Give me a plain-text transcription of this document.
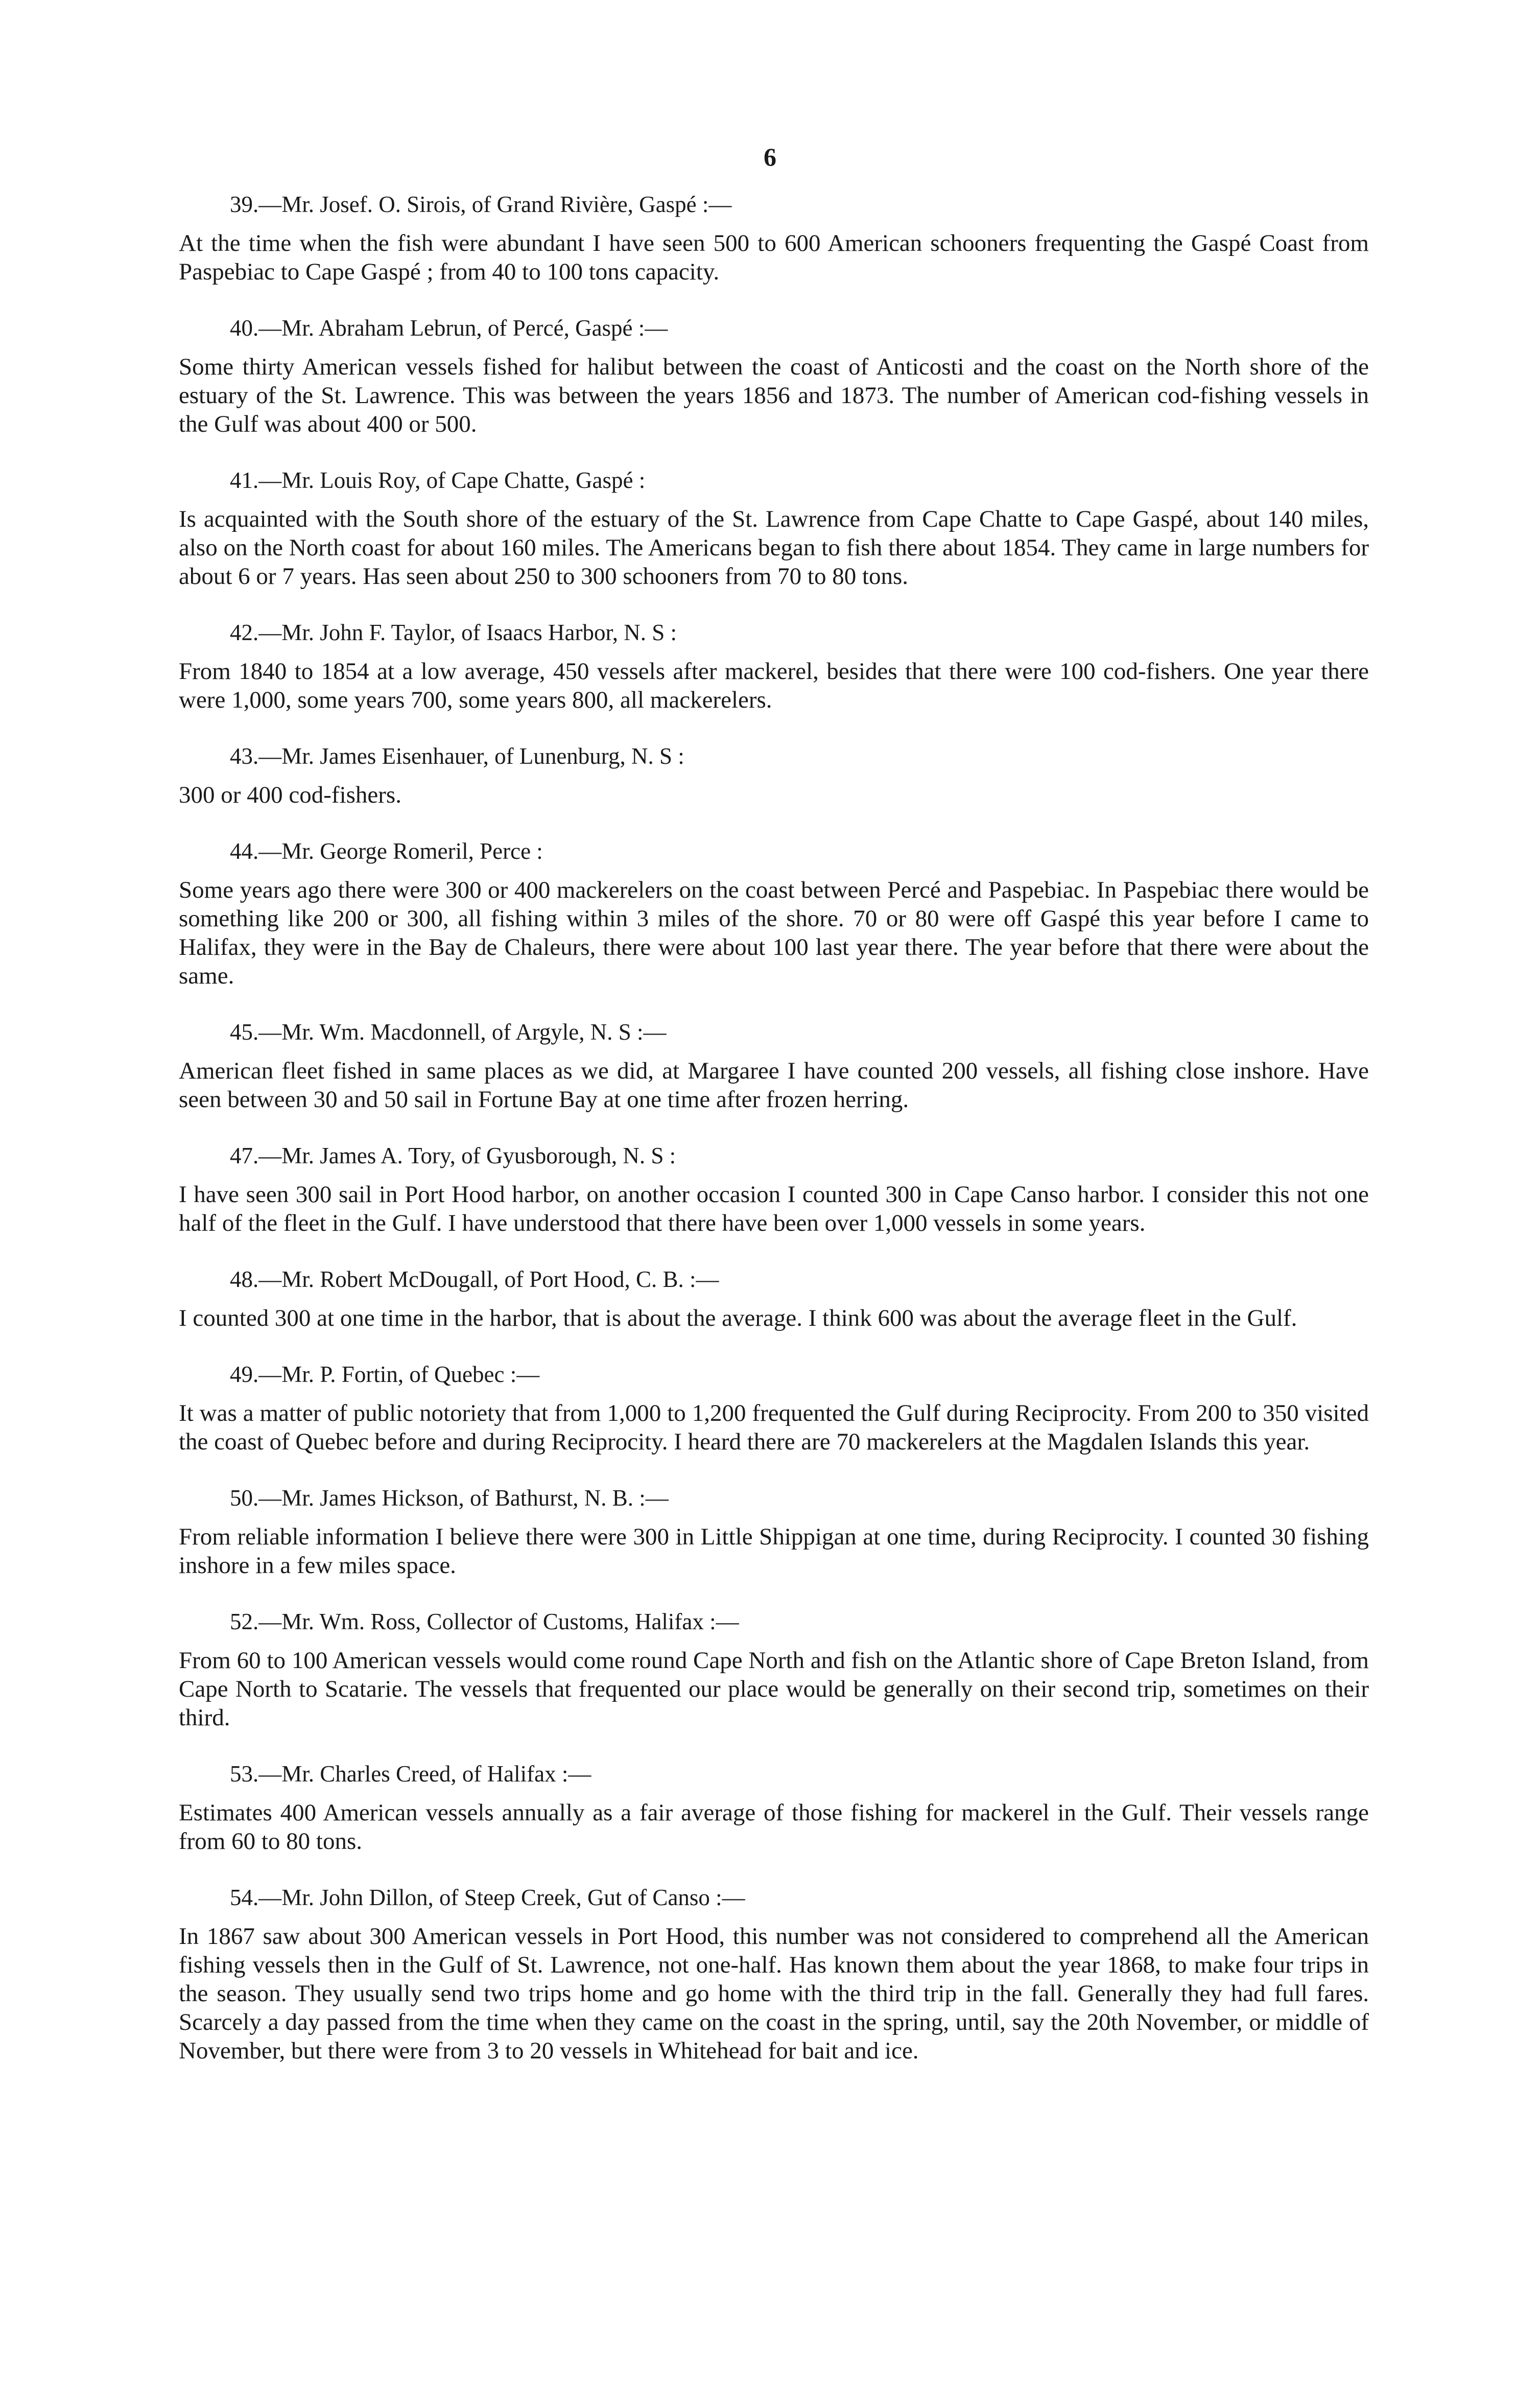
6

39.—Mr. Josef. O. Sirois, of Grand Rivière, Gaspé :—

At the time when the fish were abundant I have seen 500 to 600 American schooners frequenting the Gaspé Coast from Paspebiac to Cape Gaspé ; from 40 to 100 tons capacity.

40.—Mr. Abraham Lebrun, of Percé, Gaspé :—

Some thirty American vessels fished for halibut between the coast of Anticosti and the coast on the North shore of the estuary of the St. Lawrence. This was between the years 1856 and 1873. The number of American cod-fishing vessels in the Gulf was about 400 or 500.

41.—Mr. Louis Roy, of Cape Chatte, Gaspé :

Is acquainted with the South shore of the estuary of the St. Lawrence from Cape Chatte to Cape Gaspé, about 140 miles, also on the North coast for about 160 miles. The Americans began to fish there about 1854. They came in large numbers for about 6 or 7 years. Has seen about 250 to 300 schooners from 70 to 80 tons.

42.—Mr. John F. Taylor, of Isaacs Harbor, N. S :

From 1840 to 1854 at a low average, 450 vessels after mackerel, besides that there were 100 cod-fishers. One year there were 1,000, some years 700, some years 800, all mackerelers.

43.—Mr. James Eisenhauer, of Lunenburg, N. S :

300 or 400 cod-fishers.

44.—Mr. George Romeril, Perce :

Some years ago there were 300 or 400 mackerelers on the coast between Percé and Paspebiac. In Paspebiac there would be something like 200 or 300, all fishing within 3 miles of the shore. 70 or 80 were off Gaspé this year before I came to Halifax, they were in the Bay de Chaleurs, there were about 100 last year there. The year before that there were about the same.

45.—Mr. Wm. Macdonnell, of Argyle, N. S :—

American fleet fished in same places as we did, at Margaree I have counted 200 vessels, all fishing close inshore. Have seen between 30 and 50 sail in Fortune Bay at one time after frozen herring.

47.—Mr. James A. Tory, of Gyusborough, N. S :

I have seen 300 sail in Port Hood harbor, on another occasion I counted 300 in Cape Canso harbor. I consider this not one half of the fleet in the Gulf. I have understood that there have been over 1,000 vessels in some years.

48.—Mr. Robert McDougall, of Port Hood, C. B. :—

I counted 300 at one time in the harbor, that is about the average. I think 600 was about the average fleet in the Gulf.

49.—Mr. P. Fortin, of Quebec :—

It was a matter of public notoriety that from 1,000 to 1,200 frequented the Gulf during Reciprocity. From 200 to 350 visited the coast of Quebec before and during Reciprocity. I heard there are 70 mackerelers at the Magdalen Islands this year.

50.—Mr. James Hickson, of Bathurst, N. B. :—

From reliable information I believe there were 300 in Little Shippigan at one time, during Reciprocity. I counted 30 fishing inshore in a few miles space.

52.—Mr. Wm. Ross, Collector of Customs, Halifax :—

From 60 to 100 American vessels would come round Cape North and fish on the Atlantic shore of Cape Breton Island, from Cape North to Scatarie. The vessels that frequented our place would be generally on their second trip, sometimes on their third.

53.—Mr. Charles Creed, of Halifax :—

Estimates 400 American vessels annually as a fair average of those fishing for mackerel in the Gulf. Their vessels range from 60 to 80 tons.

54.—Mr. John Dillon, of Steep Creek, Gut of Canso :—

In 1867 saw about 300 American vessels in Port Hood, this number was not considered to comprehend all the American fishing vessels then in the Gulf of St. Lawrence, not one-half. Has known them about the year 1868, to make four trips in the season. They usually send two trips home and go home with the third trip in the fall. Generally they had full fares. Scarcely a day passed from the time when they came on the coast in the spring, until, say the 20th November, or middle of November, but there were from 3 to 20 vessels in Whitehead for bait and ice.
